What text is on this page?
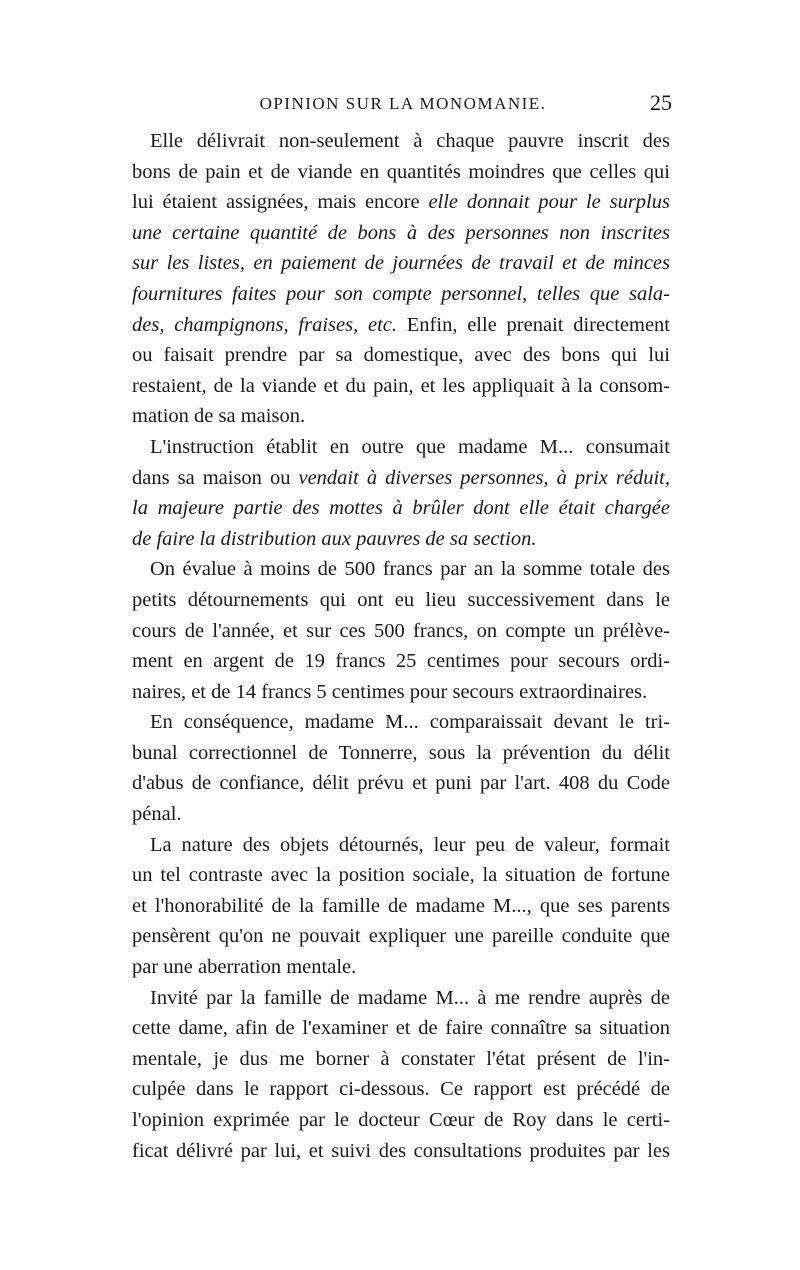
OPINION SUR LA MONOMANIE.	25
Elle délivrait non-seulement à chaque pauvre inscrit des
bons de pain et de viande en quantités moindres que celles qui
lui étaient assignées, mais encore elle donnait pour le surplus
une certaine quantité de bons à des personnes non inscrites
sur les listes, en paiement de journées de travail et de minces
fournitures faites pour son compte personnel, telles que sala-
des, champignons, fraises, etc. Enfin, elle prenait directement
ou faisait prendre par sa domestique, avec des bons qui lui
restaient, de la viande et du pain, et les appliquait à la consom-
mation de sa maison.
L'instruction établit en outre que madame M... consumait
dans sa maison ou vendait à diverses personnes, à prix réduit,
la majeure partie des mottes à brûler dont elle était chargée
de faire la distribution aux pauvres de sa section.
On évalue à moins de 500 francs par an la somme totale des
petits détournements qui ont eu lieu successivement dans le
cours de l'année, et sur ces 500 francs, on compte un prélève-
ment en argent de 19 francs 25 centimes pour secours ordi-
naires, et de 14 francs 5 centimes pour secours extraordinaires.
En conséquence, madame M... comparaissait devant le tri-
bunal correctionnel de Tonnerre, sous la prévention du délit
d'abus de confiance, délit prévu et puni par l'art. 408 du Code
pénal.
La nature des objets détournés, leur peu de valeur, formait
un tel contraste avec la position sociale, la situation de fortune
et l'honorabilité de la famille de madame M..., que ses parents
pensèrent qu'on ne pouvait expliquer une pareille conduite que
par une aberration mentale.
Invité par la famille de madame M... à me rendre auprès de
cette dame, afin de l'examiner et de faire connaître sa situation
mentale, je dus me borner à constater l'état présent de l'in-
culpée dans le rapport ci-dessous. Ce rapport est précédé de
l'opinion exprimée par le docteur Cœur de Roy dans le certi-
ficat délivré par lui, et suivi des consultations produites par les
